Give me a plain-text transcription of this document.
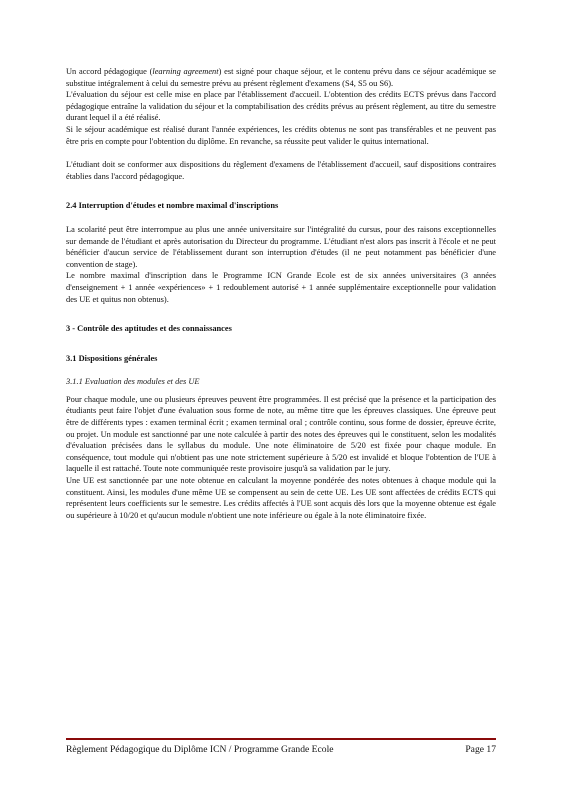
Un accord pédagogique (learning agreement) est signé pour chaque séjour, et le contenu prévu dans ce séjour académique se substitue intégralement à celui du semestre prévu au présent règlement d'examens (S4, S5 ou S6).

L'évaluation du séjour est celle mise en place par l'établissement d'accueil. L'obtention des crédits ECTS prévus dans l'accord pédagogique entraîne la validation du séjour et la comptabilisation des crédits prévus au présent règlement, au titre du semestre durant lequel il a été réalisé.

Si le séjour académique est réalisé durant l'année expériences, les crédits obtenus ne sont pas transférables et ne peuvent pas être pris en compte pour l'obtention du diplôme. En revanche, sa réussite peut valider le quitus international.

L'étudiant doit se conformer aux dispositions du règlement d'examens de l'établissement d'accueil, sauf dispositions contraires établies dans l'accord pédagogique.

2.4 Interruption d'études et nombre maximal d'inscriptions

La scolarité peut être interrompue au plus une année universitaire sur l'intégralité du cursus, pour des raisons exceptionnelles sur demande de l'étudiant et après autorisation du Directeur du programme. L'étudiant n'est alors pas inscrit à l'école et ne peut bénéficier d'aucun service de l'établissement durant son interruption d'études (il ne peut notamment pas bénéficier d'une convention de stage).

Le nombre maximal d'inscription dans le Programme ICN Grande Ecole est de six années universitaires (3 années d'enseignement + 1 année «expériences» + 1 redoublement autorisé + 1 année supplémentaire exceptionnelle pour validation des UE et quitus non obtenus).

3 - Contrôle des aptitudes et des connaissances
3.1 Dispositions générales
3.1.1 Evaluation des modules et des UE

Pour chaque module, une ou plusieurs épreuves peuvent être programmées. Il est précisé que la présence et la participation des étudiants peut faire l'objet d'une évaluation sous forme de note, au même titre que les épreuves classiques. Une épreuve peut être de différents types : examen terminal écrit ; examen terminal oral ; contrôle continu, sous forme de dossier, épreuve écrite, ou projet. Un module est sanctionné par une note calculée à partir des notes des épreuves qui le constituent, selon les modalités d'évaluation précisées dans le syllabus du module. Une note éliminatoire de 5/20 est fixée pour chaque module. En conséquence, tout module qui n'obtient pas une note strictement supérieure à 5/20 est invalidé et bloque l'obtention de l'UE à laquelle il est rattaché. Toute note communiquée reste provisoire jusqu'à sa validation par le jury.

Une UE est sanctionnée par une note obtenue en calculant la moyenne pondérée des notes obtenues à chaque module qui la constituent. Ainsi, les modules d'une même UE se compensent au sein de cette UE. Les UE sont affectées de crédits ECTS qui représentent leurs coefficients sur le semestre. Les crédits affectés à l'UE sont acquis dès lors que la moyenne obtenue est égale ou supérieure à 10/20 et qu'aucun module n'obtient une note inférieure ou égale à la note éliminatoire fixée.

Règlement Pédagogique du Diplôme ICN / Programme Grande Ecole	Page 17
